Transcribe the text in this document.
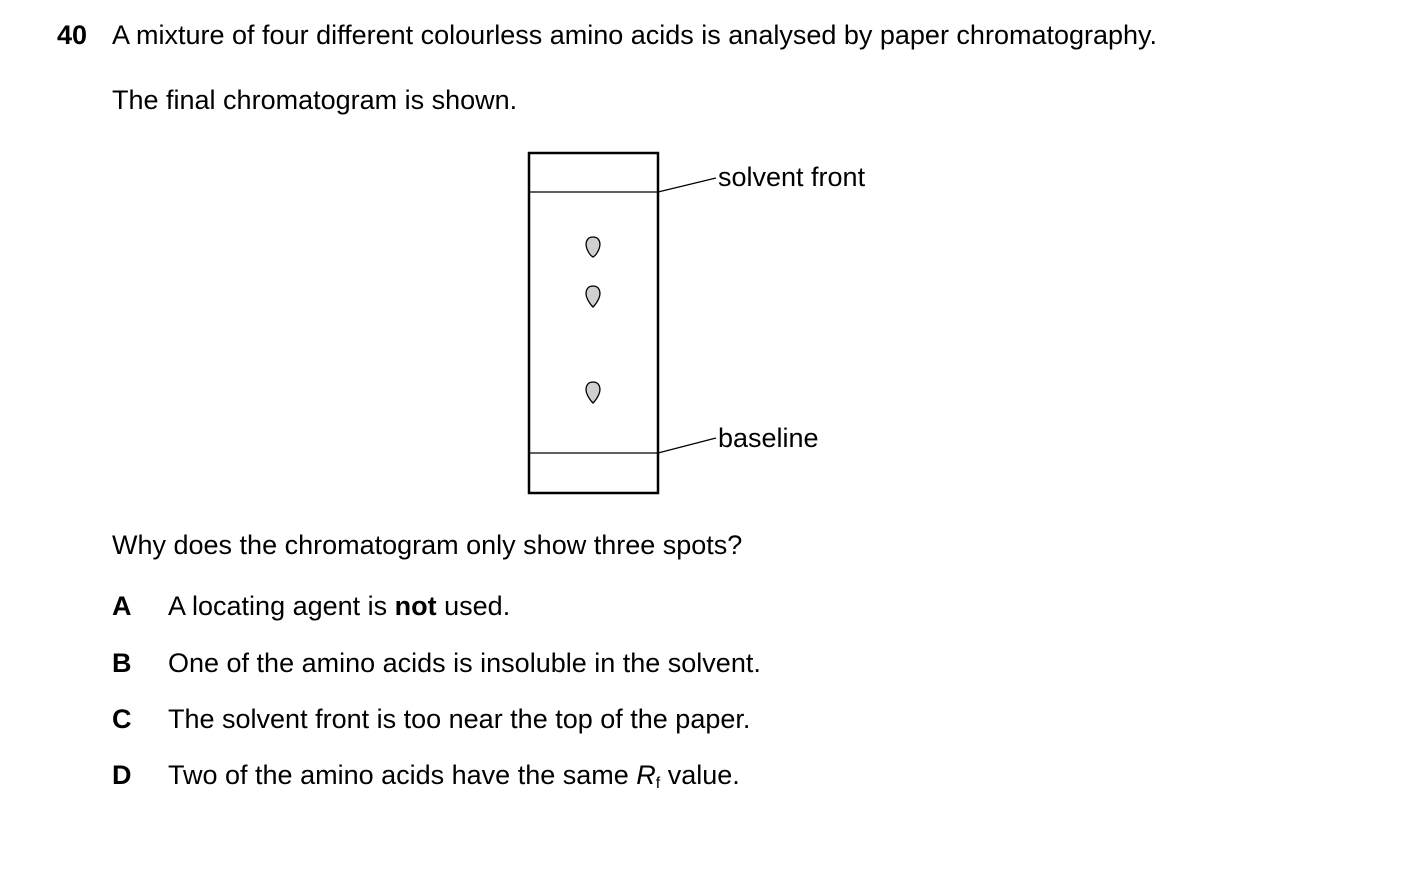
40 A mixture of four different colourless amino acids is analysed by paper chromatography.
The final chromatogram is shown.
solvent front
baseline
Why does the chromatogram only show three spots?
A A locating agent is not used.
B One of the amino acids is insoluble in the solvent.
C The solvent front is too near the top of the paper.
D Two of the amino acids have the same $R_f$ value.
